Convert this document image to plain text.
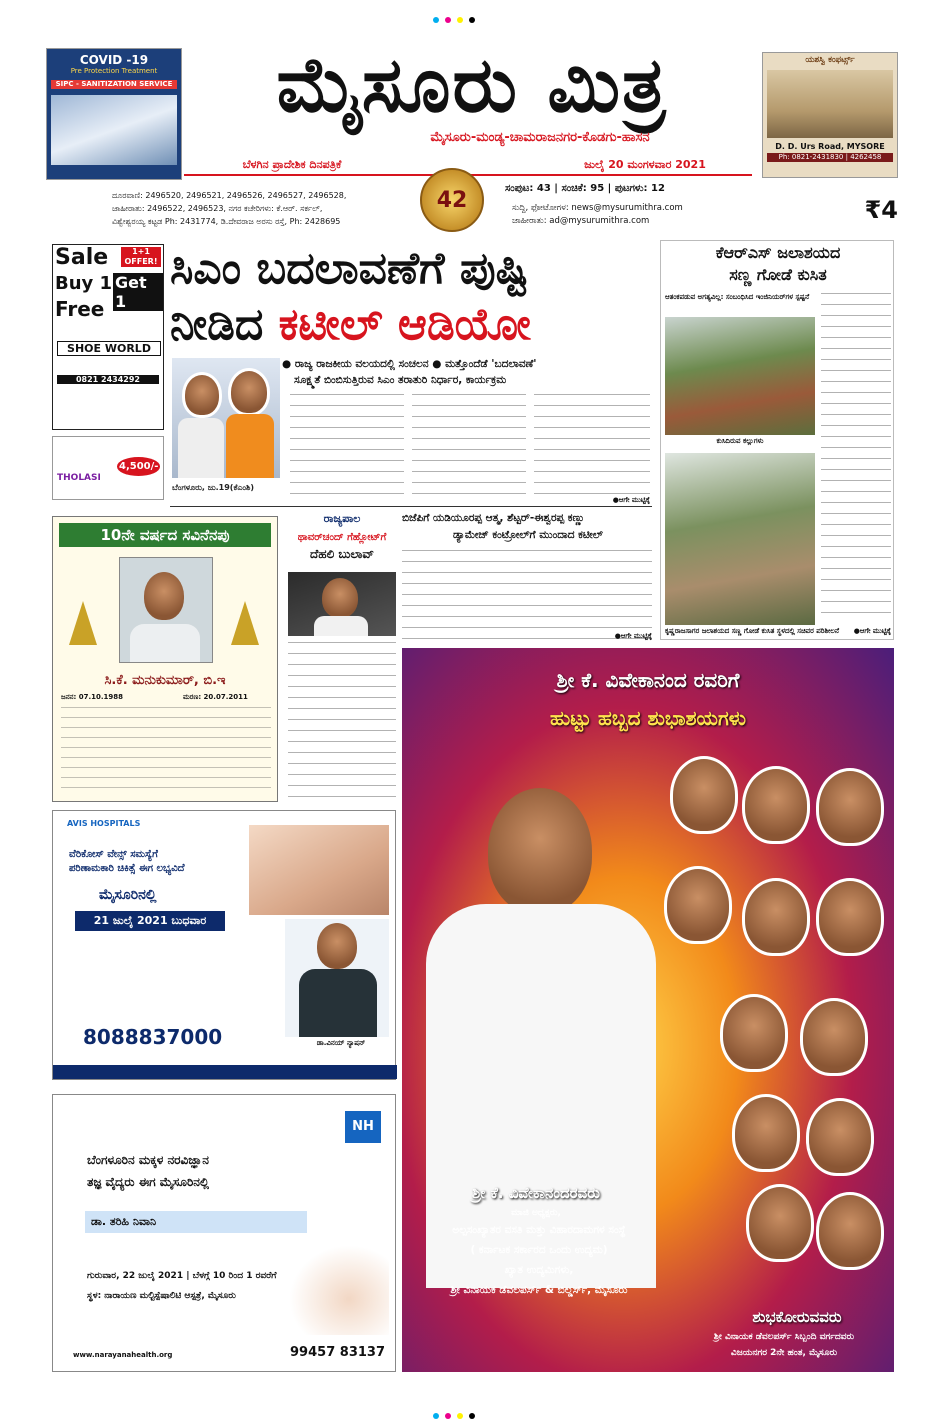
COVID -19
Pre Protection Treatment
SIPC - SANITIZATION SERVICE	ಮೈಸೂರು ಮಿತ್ರ
ಮೈಸೂರು-ಮಂಡ್ಯ-ಚಾಮರಾಜನಗರ-ಕೊಡಗು-ಹಾಸನ
ಬೆಳಗಿನ ಪ್ರಾದೇಶಿಕ ದಿನಪತ್ರಿಕೆ	ಜುಲೈ 20 ಮಂಗಳವಾರ 2021
42
ದೂರವಾಣಿ: 2496520, 2496521, 2496526, 2496527, 2496528,
ಜಾಹೀರಾತು: 2496522, 2496523, ನಗರ ಕಚೇರಿಗಳು: ಕೆ.ಆರ್. ಸರ್ಕಲ್,
ವಿಶ್ವೇಶ್ವರಯ್ಯ ಕಟ್ಟಡ Ph: 2431774, ಡಿ.ದೇವರಾಜ ಅರಸು ರಸ್ತೆ, Ph: 2428695
ಸಂಪುಟ: 43 | ಸಂಚಿಕೆ: 95 | ಪುಟಗಳು: 12
ಸುದ್ದಿ, ಫೋಟೋಗಳ: news@mysurumithra.com
ಜಾಹೀರಾತು: ad@mysurumithra.com	₹4
ಯಶಸ್ವಿ ಕಂಫರ್ಟ್ಸ್
D. D. Urs Road, MYSORE
Ph: 0821-2431830 | 4262458
Sale	1+1 OFFER!
Buy 1 Get 1
Free
SHOE WORLD
0821 2434292
THOLASI
4,500/-
ಸಿಎಂ ಬದಲಾವಣೆಗೆ ಪುಷ್ಟಿ
ನೀಡಿದ ಕಟೀಲ್ ಆಡಿಯೋ
● ರಾಜ್ಯ ರಾಜಕೀಯ ವಲಯದಲ್ಲಿ ಸಂಚಲನ ● ಮತ್ತೊಂದೆಡೆ 'ಬದಲಾವಣೆ'
ಸೂಕ್ಷ್ಮತೆ ಬಿಂಬಿಸುತ್ತಿರುವ ಸಿಎಂ ತರಾತುರಿ ನಿರ್ಧಾರ, ಕಾರ್ಯಕ್ರಮ
ಬೆಂಗಳೂರು, ಜು.19(ಕೆಎಂಶಿ)
●ಆಗೇ ಮುಟ್ಟಿಕ್ಕೆ
ಕೆಆರ್‌ಎಸ್ ಜಲಾಶಯದ
ಸಣ್ಣ ಗೋಡೆ ಕುಸಿತ
ಆತಂಕಪಡುವ ಅಗತ್ಯವಿಲ್ಲ: ಸಂಬಂಧಿಸಿದ ಇಂಜಿನಿಯರ್‌ಗಳ ಸ್ಪಷ್ಟನೆ
ಕುಸಿದಿರುವ ಕಲ್ಲುಗಳು
ಕೃಷ್ಣರಾಜಸಾಗರ ಜಲಾಶಯದ ಸಣ್ಣ ಗೋಡೆ ಕುಸಿತ ಸ್ಥಳದಲ್ಲಿ ಸಚಿವರ ಪರಿಶೀಲನೆ	●ಆಗೇ ಮುಟ್ಟಿಕ್ಕೆ
10ನೇ ವರ್ಷದ ಸವಿನೆನಪು
ಸಿ.ಕೆ. ಮನುಕುಮಾರ್, ಬಿ.ಇ
ಜನನ: 07.10.1988	ಮರಣ: 20.07.2011
ರಾಜ್ಯಪಾಲ
ಥಾವರ್‌ಚಂದ್ ಗೆಹ್ಲೋಟ್‌ಗೆ
ದೆಹಲಿ ಬುಲಾವ್
ಬಿಜೆಪಿಗೆ ಯಡಿಯೂರಪ್ಪ ಆತ್ಮ, ಶೆಟ್ಟರ್-ಈಶ್ವರಪ್ಪ ಕಣ್ಣು
ಡ್ಯಾಮೇಜ್ ಕಂಟ್ರೋಲ್‌ಗೆ ಮುಂದಾದ ಕಟೀಲ್
●ಆಗೇ ಮುಟ್ಟಿಕ್ಕೆ
AVIS HOSPITALS
ವೆರಿಕೋಸ್ ವೇನ್ಸ್ ಸಮಸ್ಯೆಗೆ
ಪರಿಣಾಮಕಾರಿ ಚಿಕಿತ್ಸೆ ಈಗ ಲಭ್ಯವಿದೆ
ಮೈಸೂರಿನಲ್ಲಿ
21 ಜುಲೈ 2021 ಬುಧವಾರ
ಡಾ.ವಿನಯ್ ನ್ಯಾಷನ್
8088837000
NH
ಬೆಂಗಳೂರಿನ ಮಕ್ಕಳ ನರವಿಜ್ಞಾನ
ತಜ್ಞ ವೈದ್ಯರು ಈಗ ಮೈಸೂರಿನಲ್ಲಿ
ಡಾ. ತರಿಹಿ ನಿವಾನಿ
ಗುರುವಾರ, 22 ಜುಲೈ 2021 | ಬೆಳಗ್ಗೆ 10 ರಿಂದ 1 ರವರೆಗೆ
ಸ್ಥಳ: ನಾರಾಯಣ ಮಲ್ಟಿಸ್ಪೆಷಾಲಿಟಿ ಆಸ್ಪತ್ರೆ, ಮೈಸೂರು
www.narayanahealth.org	99457 83137
ಶ್ರೀ ಕೆ. ವಿವೇಕಾನಂದ ರವರಿಗೆ
ಹುಟ್ಟು ಹಬ್ಬದ ಶುಭಾಶಯಗಳು
ಶ್ರೀ ಕೆ. ವಿವೇಕಾನಂದರವರು
ಮಾಜಿ ಅಧ್ಯಕ್ಷರು,
ಅಲ್ಪಸಂಖ್ಯಾತರ ವಸತಿ ಮತ್ತು ವಿಹಾರದಾಮಗಳ ಸಂಸ್ಥೆ
( ಕರ್ನಾಟಕ ಸರ್ಕಾರದ ಒಂದು ಉದ್ಯಮ)
ಖ್ಯಾತ ಉದ್ಯಮಿಗಳು,
ಶ್ರೀ ವಿನಾಯಕ ಡೆವಲಪರ್ಸ್ & ಬಿಲ್ಡರ್ಸ್, ಮೈಸೂರು
ಶುಭಕೋರುವವರು
ಶ್ರೀ ವಿನಾಯಕ ಡೆವಲಪರ್ಸ್ ಸಿಬ್ಬಂದಿ ವರ್ಗದವರು
ವಿಜಯನಗರ 2ನೇ ಹಂತ, ಮೈಸೂರು
